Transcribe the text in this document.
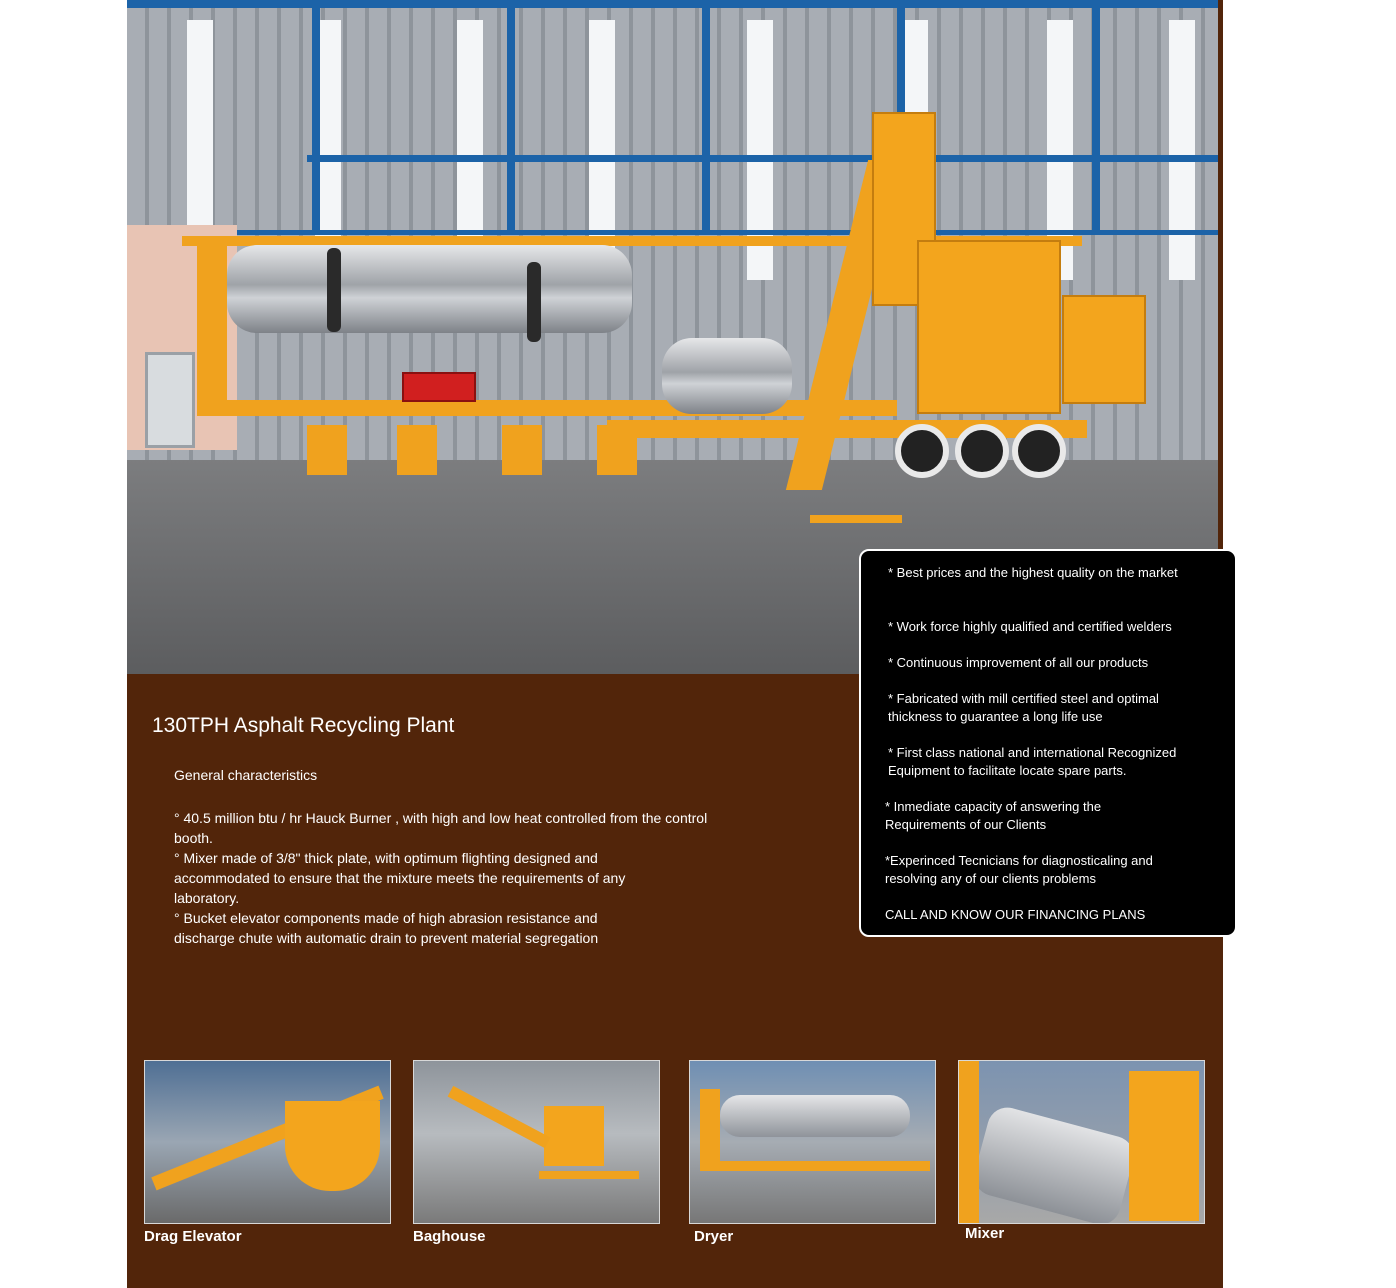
* Best prices and the highest quality on the market

* Work force highly qualified and certified welders

* Continuous improvement of all our products

* Fabricated with mill certified steel and optimal thickness to guarantee a long life use

* First class national and international Recognized Equipment to facilitate locate spare parts.

* Inmediate capacity of answering the Requirements of our Clients

*Experinced Tecnicians for diagnosticaling and resolving any of our clients problems

CALL AND KNOW OUR FINANCING PLANS

130TPH Asphalt Recycling Plant
General characteristics
° 40.5 million btu / hr Hauck Burner , with high and low heat controlled from the control booth.
° Mixer made of 3/8" thick plate, with optimum flighting designed and accommodated to ensure that the mixture meets the requirements of any laboratory.
° Bucket elevator components made of high abrasion resistance and discharge chute with automatic drain to prevent material segregation
Drag Elevator	Baghouse	Dryer	Mixer
